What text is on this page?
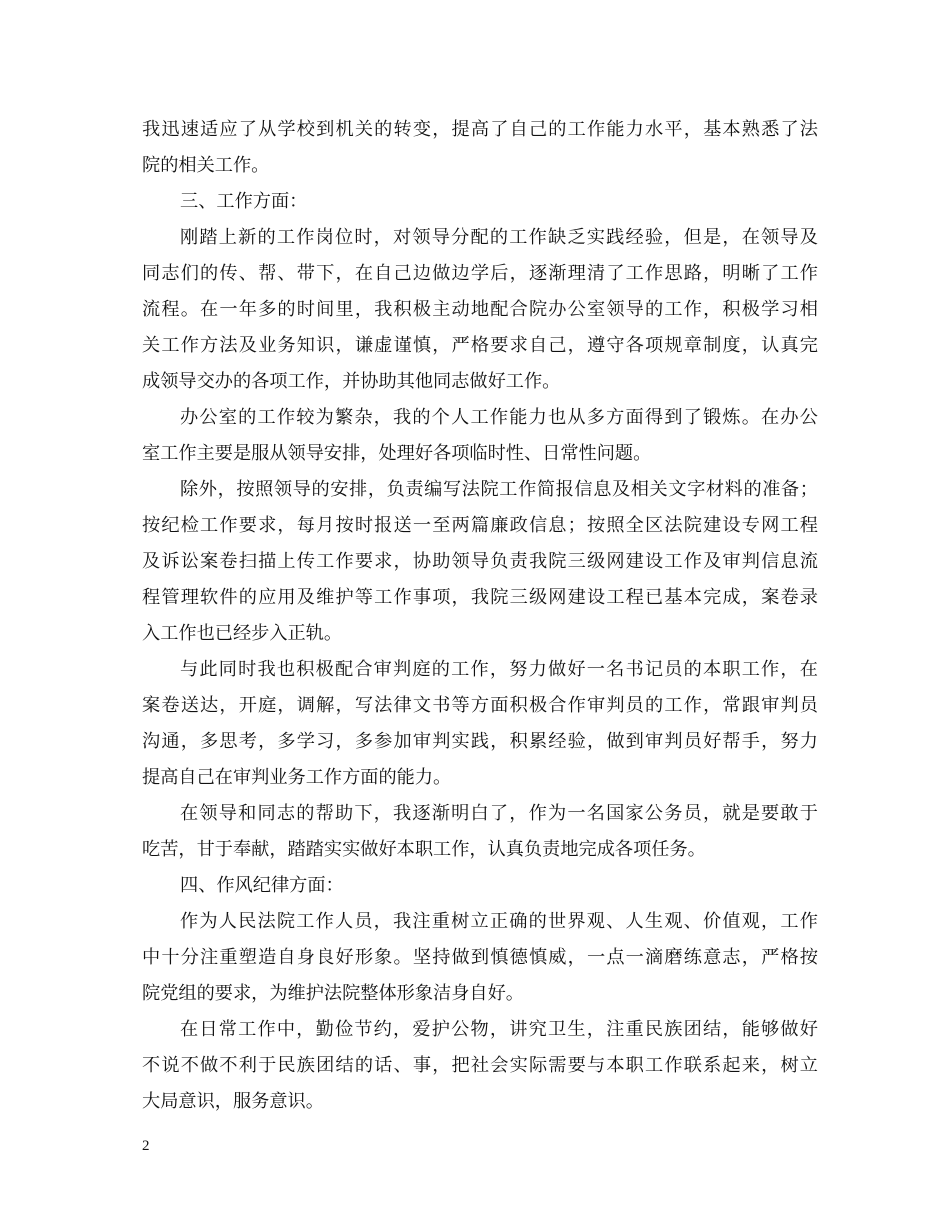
我迅速适应了从学校到机关的转变，提高了自己的工作能力水平，基本熟悉了法
院的相关工作。
三、工作方面：
刚踏上新的工作岗位时，对领导分配的工作缺乏实践经验，但是，在领导及
同志们的传、帮、带下，在自己边做边学后，逐渐理清了工作思路，明晰了工作
流程。在一年多的时间里，我积极主动地配合院办公室领导的工作，积极学习相
关工作方法及业务知识，谦虚谨慎，严格要求自己，遵守各项规章制度，认真完
成领导交办的各项工作，并协助其他同志做好工作。
办公室的工作较为繁杂，我的个人工作能力也从多方面得到了锻炼。在办公
室工作主要是服从领导安排，处理好各项临时性、日常性问题。
除外，按照领导的安排，负责编写法院工作简报信息及相关文字材料的准备；
按纪检工作要求，每月按时报送一至两篇廉政信息；按照全区法院建设专网工程
及诉讼案卷扫描上传工作要求，协助领导负责我院三级网建设工作及审判信息流
程管理软件的应用及维护等工作事项，我院三级网建设工程已基本完成，案卷录
入工作也已经步入正轨。
与此同时我也积极配合审判庭的工作，努力做好一名书记员的本职工作，在
案卷送达，开庭，调解，写法律文书等方面积极合作审判员的工作，常跟审判员
沟通，多思考，多学习，多参加审判实践，积累经验，做到审判员好帮手，努力
提高自己在审判业务工作方面的能力。
在领导和同志的帮助下，我逐渐明白了，作为一名国家公务员，就是要敢于
吃苦，甘于奉献，踏踏实实做好本职工作，认真负责地完成各项任务。
四、作风纪律方面：
作为人民法院工作人员，我注重树立正确的世界观、人生观、价值观，工作
中十分注重塑造自身良好形象。坚持做到慎德慎威，一点一滴磨练意志，严格按
院党组的要求，为维护法院整体形象洁身自好。
在日常工作中，勤俭节约，爱护公物，讲究卫生，注重民族团结，能够做好
不说不做不利于民族团结的话、事，把社会实际需要与本职工作联系起来，树立
大局意识，服务意识。
2
